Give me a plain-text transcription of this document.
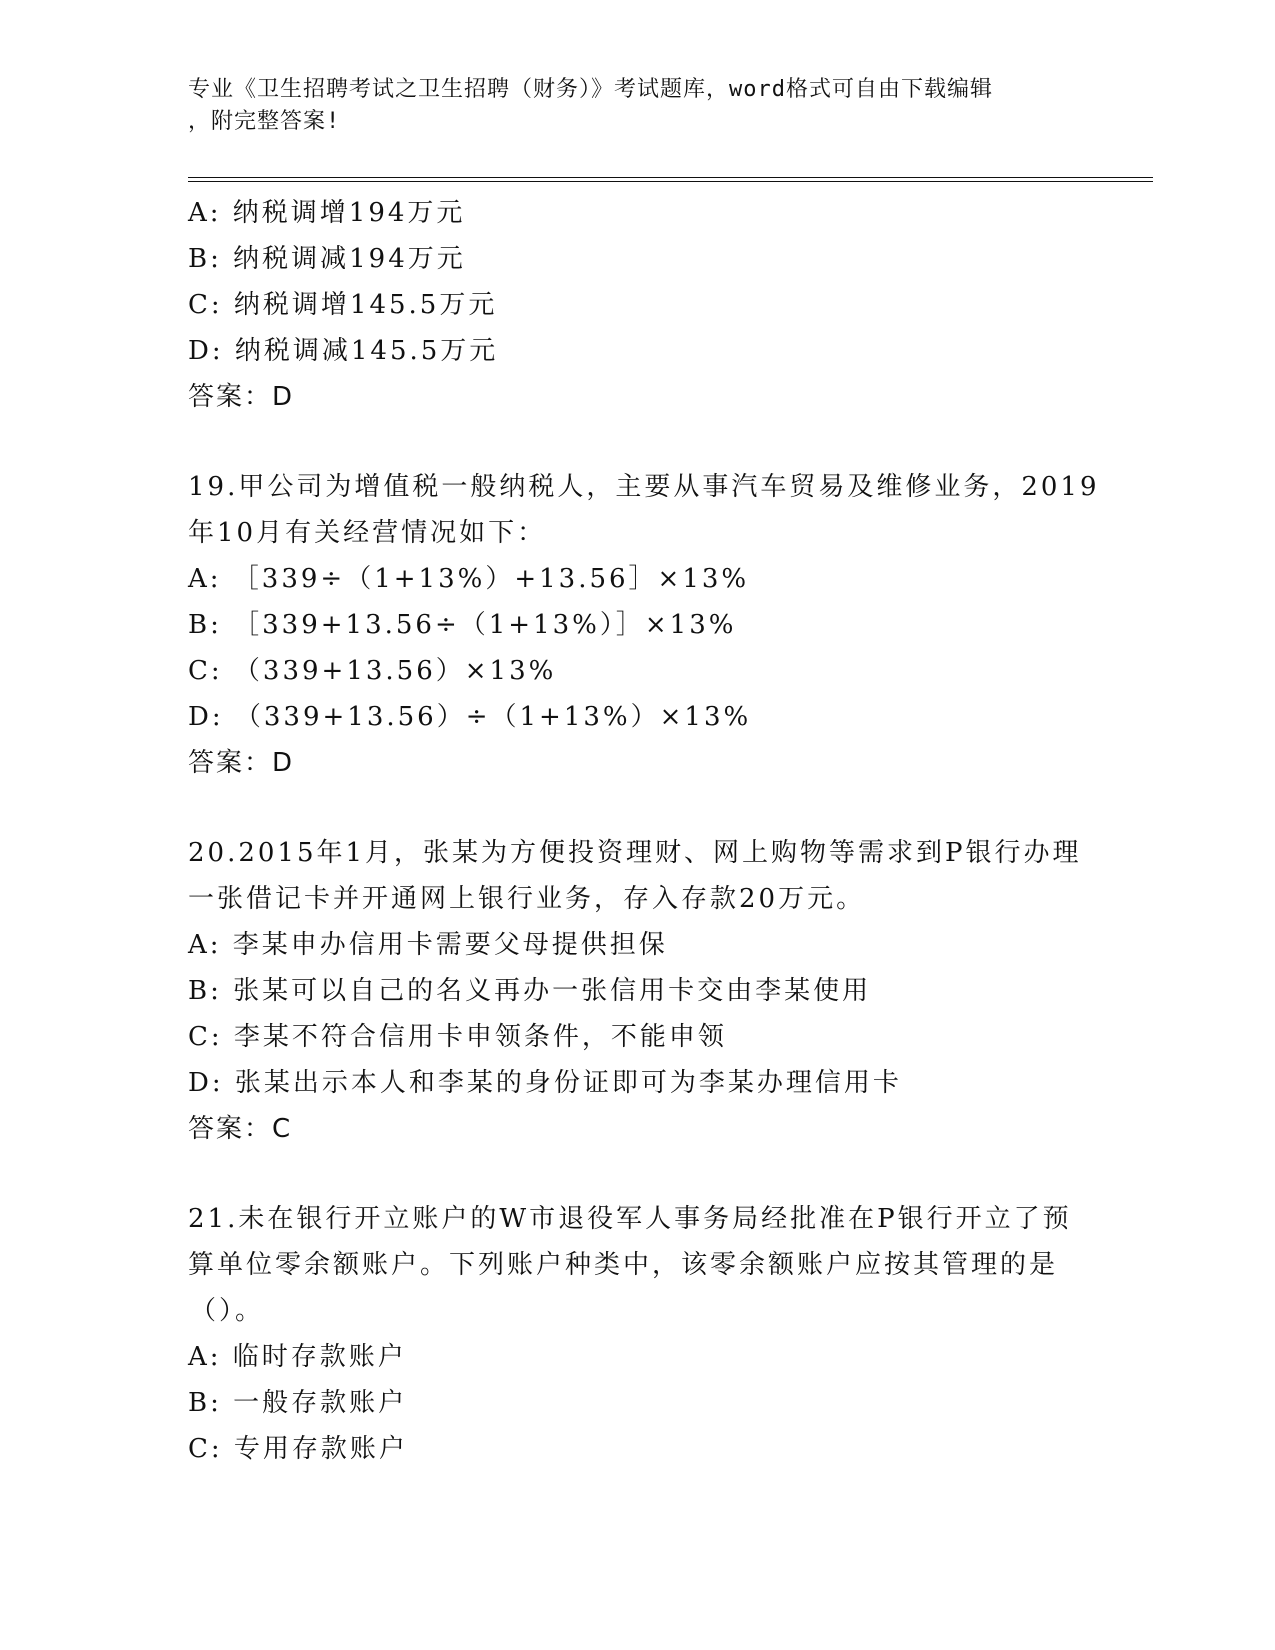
专业《卫生招聘考试之卫生招聘（财务）》考试题库，word格式可自由下载编辑
，附完整答案!
A: 纳税调增194万元
B: 纳税调减194万元
C: 纳税调增145.5万元
D: 纳税调减145.5万元
答案：D
19.甲公司为增值税一般纳税人，主要从事汽车贸易及维修业务，2019
年10月有关经营情况如下：
A: ［339÷（1+13%）+13.56］×13%
B: ［339+13.56÷（1+13%）］×13%
C: （339+13.56）×13%
D: （339+13.56）÷（1+13%）×13%
答案：D
20.2015年1月，张某为方便投资理财、网上购物等需求到P银行办理
一张借记卡并开通网上银行业务，存入存款20万元。
A: 李某申办信用卡需要父母提供担保
B: 张某可以自己的名义再办一张信用卡交由李某使用
C: 李某不符合信用卡申领条件，不能申领
D: 张某出示本人和李某的身份证即可为李某办理信用卡
答案：C
21.未在银行开立账户的W市退役军人事务局经批准在P银行开立了预
算单位零余额账户。下列账户种类中，该零余额账户应按其管理的是
（）。
A: 临时存款账户
B: 一般存款账户
C: 专用存款账户
